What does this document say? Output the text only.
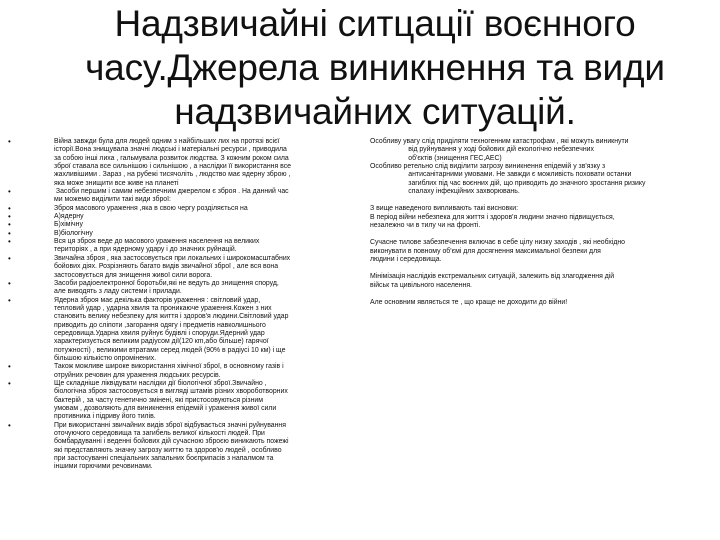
Надзвичайні ситцації воєнного часу.Джерела виникнення та види надзвичайних ситуацій.
•	Війна завжди була для людей одним з найбільших лих на протязі всієї
історії.Вона знищувала значні людські і матеріальні ресурси , приводила
за собою інші лиха , гальмувала розвиток людства. З кожним роком сила
зброї ставала все сильнішою і сильнішою , а наслідки її використання все
жахливішими . Зараз , на рубежі тисячоліть , людство має ядерну зброю ,
яка може знищити все живе на планеті
•	Засоби першим і самим небезпечним джерелом є зброя . На данний час
ми можемо виділити такі види зброї:
•	Зброя масового ураження ,яка в свою чергу розділяється на
•	А)ядерну
•	Б)хімічну
•	В)біологічну
•	Вся ця зброя веде до масового ураження населення на великих
територіях , а при ядерному удару і до значних руйнацій.
•	Звичайна зброя , яка застосовується при локальних і широкомасштабних
бойових діях. Розрізняють багато видів звичайної зброї , але вся вона
застосовується для знищення живої сили ворога.
•	Засоби радіоелектронної боротьби,які не ведуть до знищення споруд,
але виводять з ладу системи і прилади.
•	Ядерна зброя має декілька факторів ураження : світловий удар,
тепловий удар , ударна хвиля та проникаюче ураження.Кожен з них
становить велику небезпеку для життя і здоров'я людини.Світловий удар
приводить до сліпоти ,загорання одягу і предметів навколишнього
середовища.Ударна хвиля руйнує будівлі і споруди.Ядерний удар
характеризується великим радіусом дії(120 кm,або більше) гарячої
потужності) , великими втратами серед людей (90% в радіусі 10 км) і ще
більшою кількістю опромінених.
•	Також можливе широке використання хімічної зброї, в основному газів і
отруйних речовин для ураження людських ресурсів.
•	Ще складніше ліквідувати наслідки дії біологічної зброї.Звичайно ,
біологічна зброя застосовується в вигляді штамів різних хвороботворних
бактерій , за часту генетично змінені, які пристосовуються різним
умовам , дозволяють для виникнення епідемій і ураження живої сили
противника і підриву його тилів.
•	При використанні звичайних видів зброї відбувається значні руйнування
оточуючого середовища та загибель великої кількості людей. При
бомбардуванні і веденні бойових дій сучасною зброєю виникають пожежі
які представляють значну загрозу життю та здоров'ю людей , особливо
при застосуванні спеціальних запальних боєприпасів з напалмом та
іншими горючими речовинами.
Особливу увагу слід приділяти техногенним катастрофам , які можуть виникнути
від руйнування у ході бойових дій екологічно небезпечних
об'єктів (знищення ГЕС,АЕС)
Особливо ретельно слід виділити загрозу виникнення епідемій у зв'язку з
антисанітарними умовами. Не завжди є можливість поховати останки
загиблих під час воєнних дій, що приводить до значного зростання ризику
спалаху інфекційних захворювань.
З вище наведеного випливають такі висновки:
В період війни небезпека для життя і здоров'я людини значно підвищується,
незалежно чи в тилу чи на фронті.
Сучасне тилове забезпечення включає в себе цілу низку заходів , які необхідно
виконувати в повному об'ємі для досягнення максимальної безпеки для
людини і середовища.
Мінімізація наслідків екстремальних ситуацій, залежить від злагодження дій
військ та цивільного населення.
Але основним являється те , що краще не доходити до війни!
